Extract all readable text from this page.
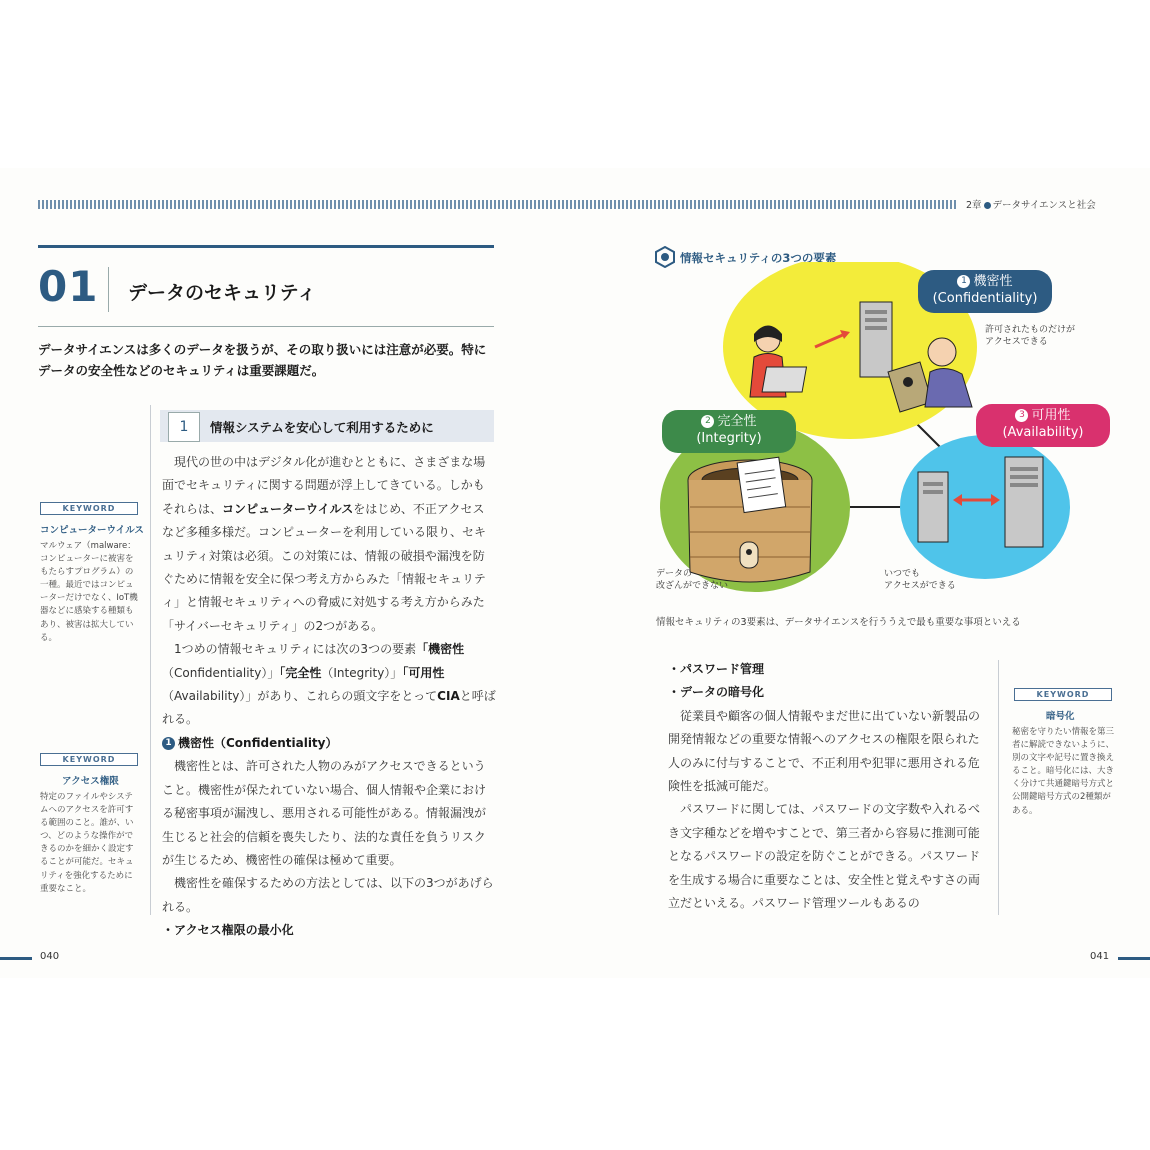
2章 データサイエンスと社会
01 データのセキュリティ
データサイエンスは多くのデータを扱うが、その取り扱いには注意が必要。特に
データの安全性などのセキュリティは重要課題だ。
1	情報システムを安心して利用するために

　現代の世の中はデジタル化が進むとともに、さまざまな場面でセキュリティに関する問題が浮上してきている。しかもそれらは、コンピューターウイルスをはじめ、不正アクセスなど多種多様だ。コンピューターを利用している限り、セキュリティ対策は必須。この対策には、情報の破損や漏洩を防ぐために情報を安全に保つ考え方からみた「情報セキュリティ」と情報セキュリティへの脅威に対処する考え方からみた「サイバーセキュリティ」の2つがある。

　1つめの情報セキュリティには次の3つの要素「機密性（Confidentiality）」「完全性（Integrity）」「可用性（Availability）」があり、これらの頭文字をとってCIAと呼ばれる。

1 機密性（Confidentiality）

　機密性とは、許可された人物のみがアクセスできるということ。機密性が保たれていない場合、個人情報や企業における秘密事項が漏洩し、悪用される可能性がある。情報漏洩が生じると社会的信頼を喪失したり、法的な責任を負うリスクが生じるため、機密性の確保は極めて重要。

　機密性を確保するための方法としては、以下の3つがあげられる。

・アクセス権限の最小化

KEYWORD
コンピューターウイルス
マルウェア（malware：コンピューターに被害をもたらすプログラム）の一種。最近ではコンピューターだけでなく、IoT機器などに感染する種類もあり、被害は拡大している。
KEYWORD
アクセス権限
特定のファイルやシステムへのアクセスを許可する範囲のこと。誰が、いつ、どのような操作ができるのかを細かく設定することが可能だ。セキュリティを強化するために重要なこと。
040
情報セキュリティの3つの要素
1 機密性
(Confidentiality)
許可されたものだけが
アクセスできる
2 完全性
(Integrity)
データの
改ざんができない
3 可用性
(Availability)
いつでも
アクセスができる
情報セキュリティの3要素は、データサイエンスを行ううえで最も重要な事項といえる

・パスワード管理

・データの暗号化

　従業員や顧客の個人情報やまだ世に出ていない新製品の開発情報などの重要な情報へのアクセスの権限を限られた人のみに付与することで、不正利用や犯罪に悪用される危険性を抵減可能だ。

　パスワードに関しては、パスワードの文字数や入れるべき文字種などを増やすことで、第三者から容易に推測可能となるパスワードの設定を防ぐことができる。パスワードを生成する場合に重要なことは、安全性と覚えやすさの両立だといえる。パスワード管理ツールもあるの

KEYWORD
暗号化
秘密を守りたい情報を第三者に解読できないように、別の文字や記号に置き換えること。暗号化には、大きく分けて共通鍵暗号方式と公開鍵暗号方式の2種類がある。
041
